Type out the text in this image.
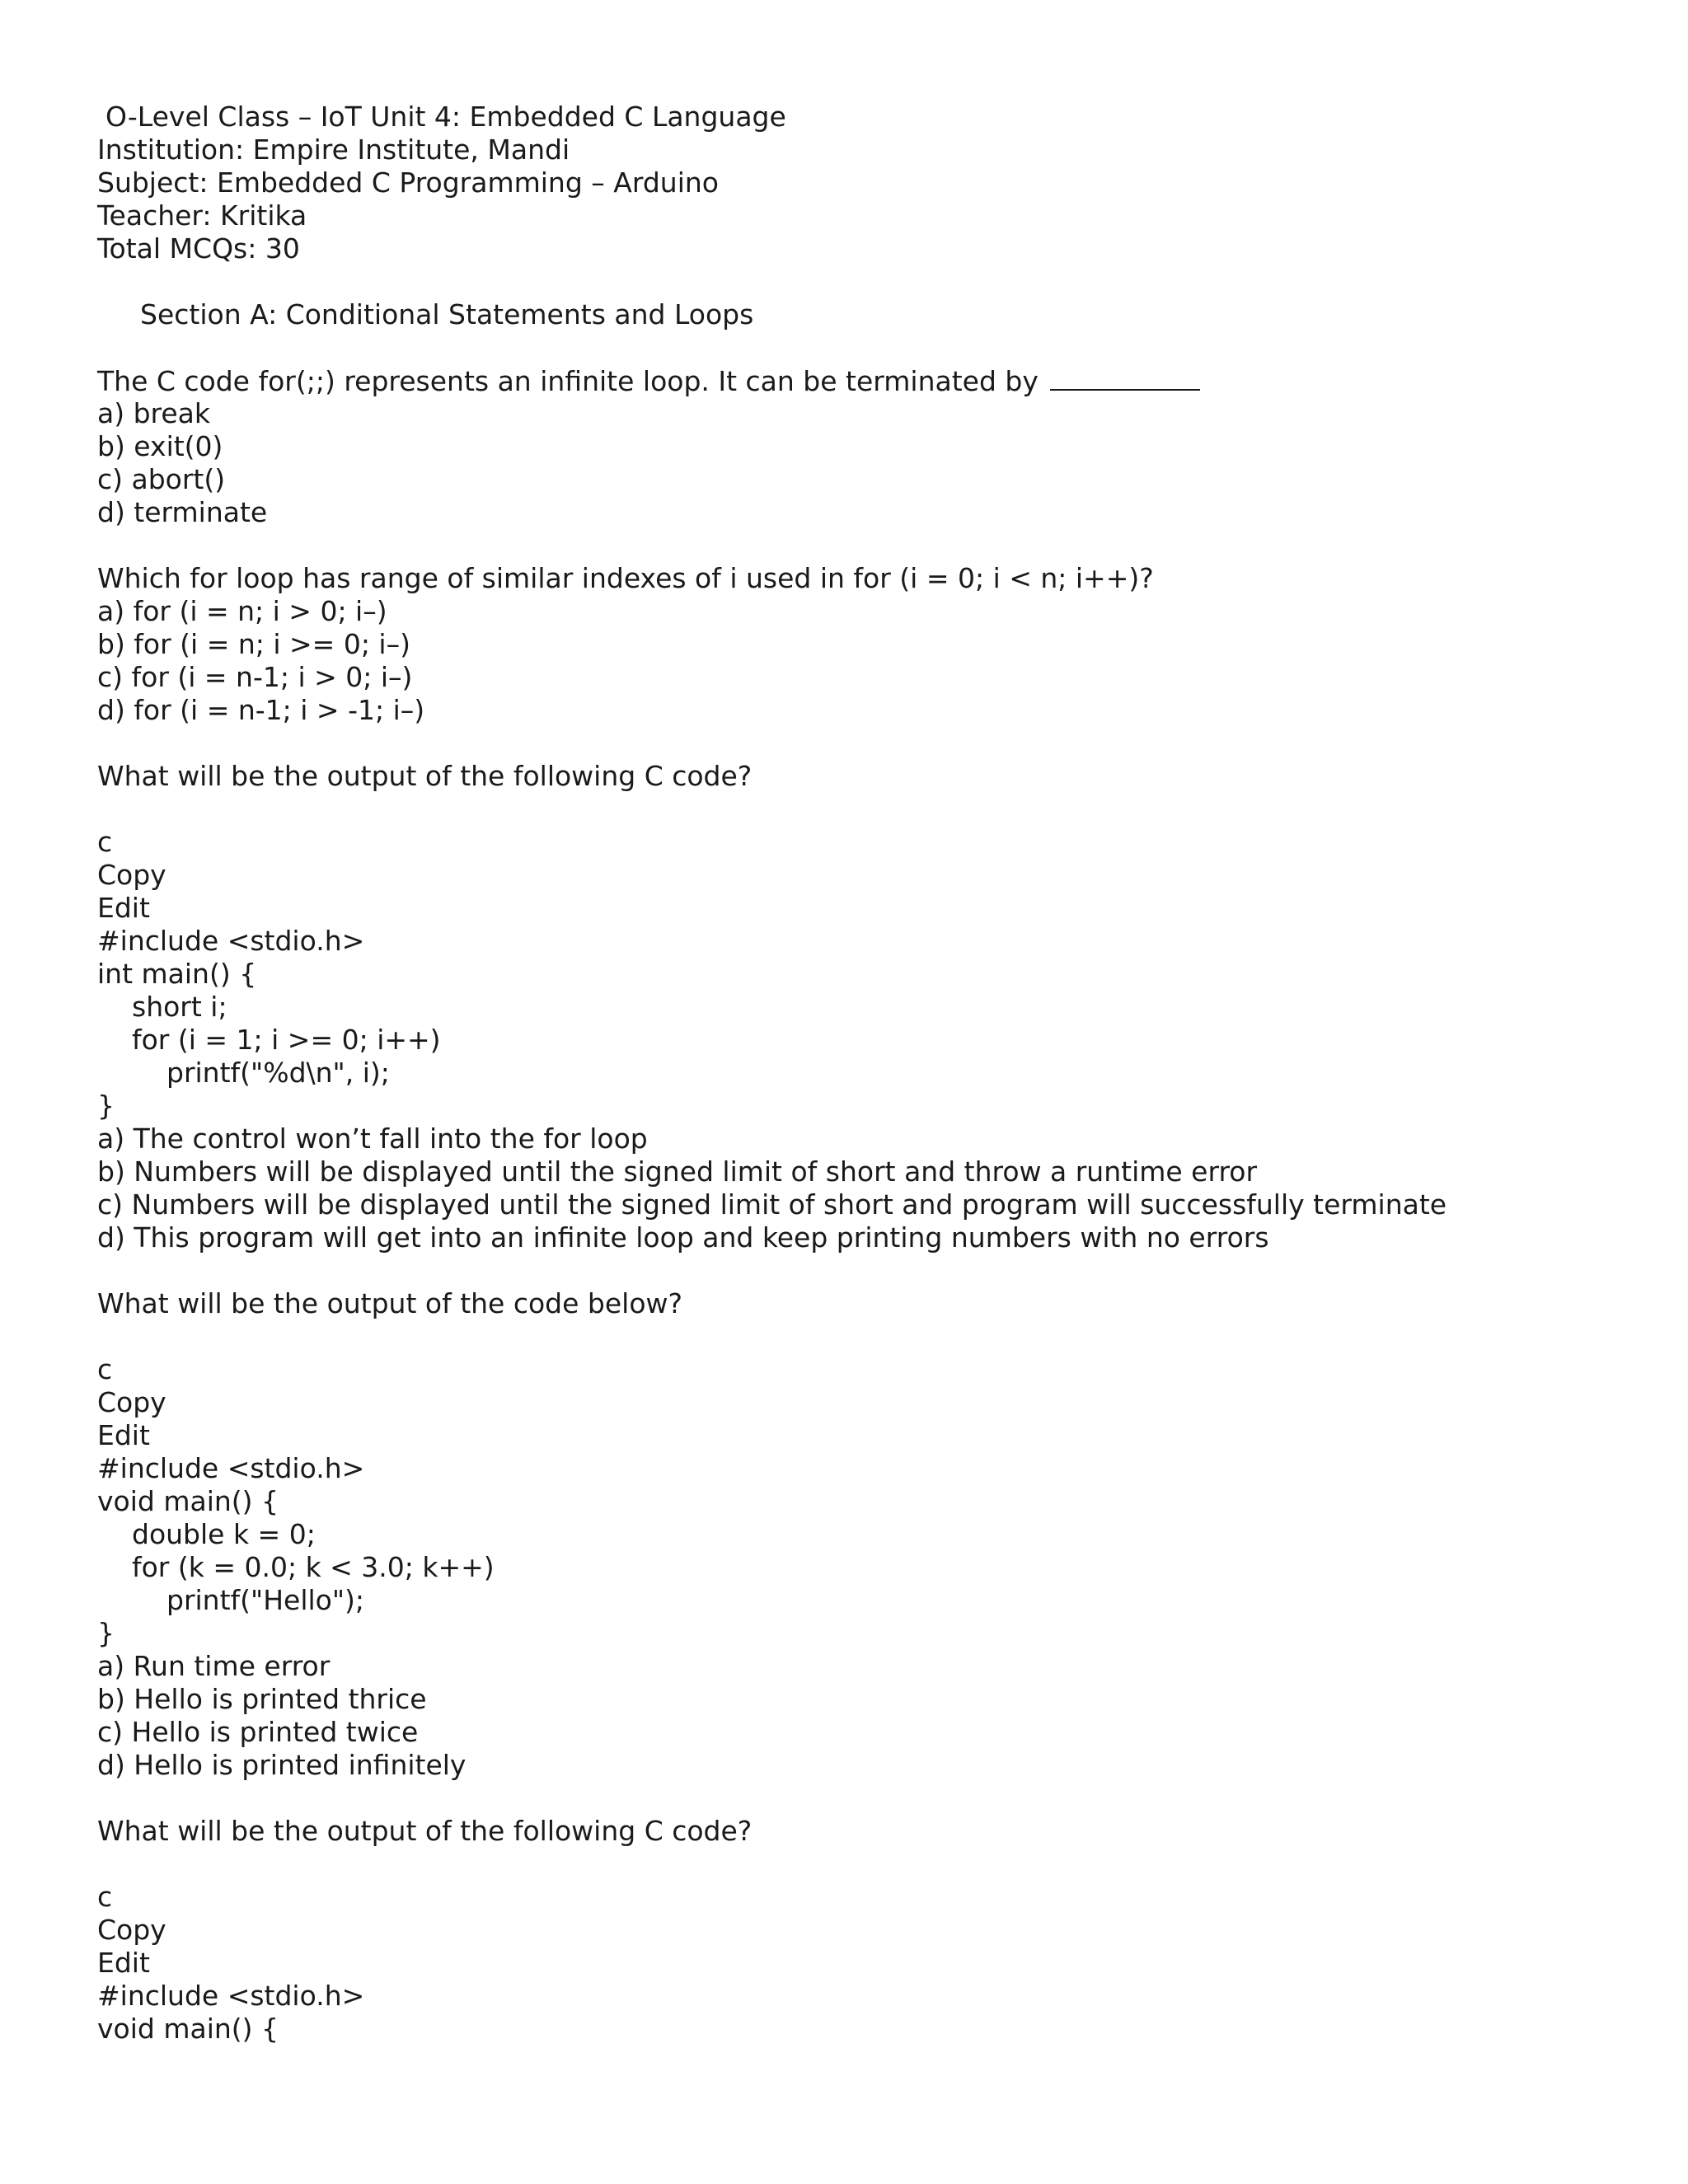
O-Level Class – IoT Unit 4: Embedded C Language
Institution: Empire Institute, Mandi
Subject: Embedded C Programming – Arduino
Teacher: Kritika
Total MCQs: 30
Section A: Conditional Statements and Loops
The C code for(;;) represents an infinite loop. It can be terminated by
a) break
b) exit(0)
c) abort()
d) terminate
Which for loop has range of similar indexes of i used in for (i = 0; i < n; i++)?
a) for (i = n; i > 0; i–)
b) for (i = n; i >= 0; i–)
c) for (i = n-1; i > 0; i–)
d) for (i = n-1; i > -1; i–)
What will be the output of the following C code?
c
Copy
Edit
#include <stdio.h>
int main() {
short i;
for (i = 1; i >= 0; i++)
printf("%d\n", i);
}
a) The control won’t fall into the for loop
b) Numbers will be displayed until the signed limit of short and throw a runtime error
c) Numbers will be displayed until the signed limit of short and program will successfully terminate
d) This program will get into an infinite loop and keep printing numbers with no errors
What will be the output of the code below?
c
Copy
Edit
#include <stdio.h>
void main() {
double k = 0;
for (k = 0.0; k < 3.0; k++)
printf("Hello");
}
a) Run time error
b) Hello is printed thrice
c) Hello is printed twice
d) Hello is printed infinitely
What will be the output of the following C code?
c
Copy
Edit
#include <stdio.h>
void main() {
